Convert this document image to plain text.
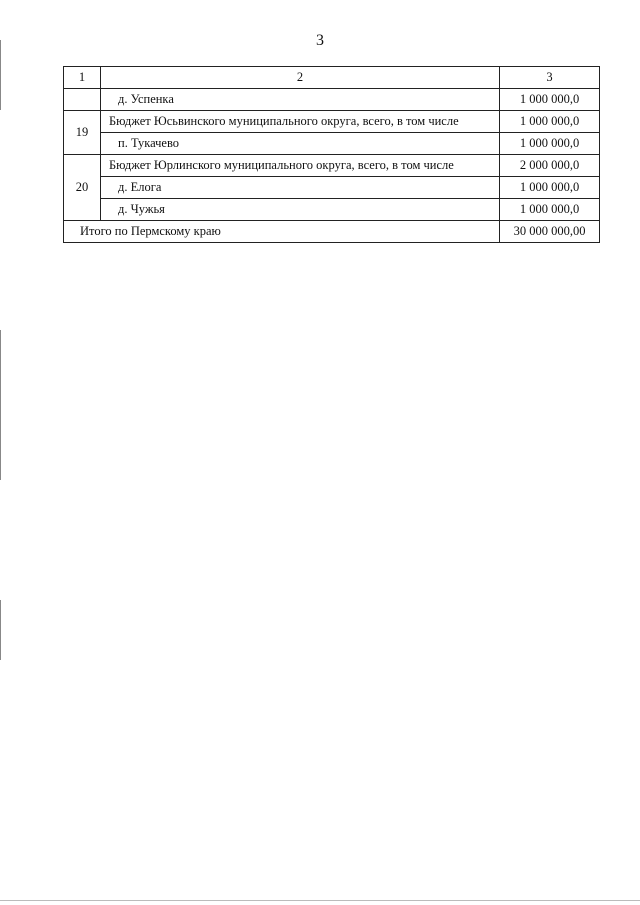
3
1	2	3
	д. Успенка	1 000 000,0
19	Бюджет Юсьвинского муниципального округа, всего, в том числе	1 000 000,0
	п. Тукачево	1 000 000,0
20	Бюджет Юрлинского муниципального округа, всего, в том числе	2 000 000,0
	д. Елога	1 000 000,0
	д. Чужья	1 000 000,0
Итого по Пермскому краю		30 000 000,00
